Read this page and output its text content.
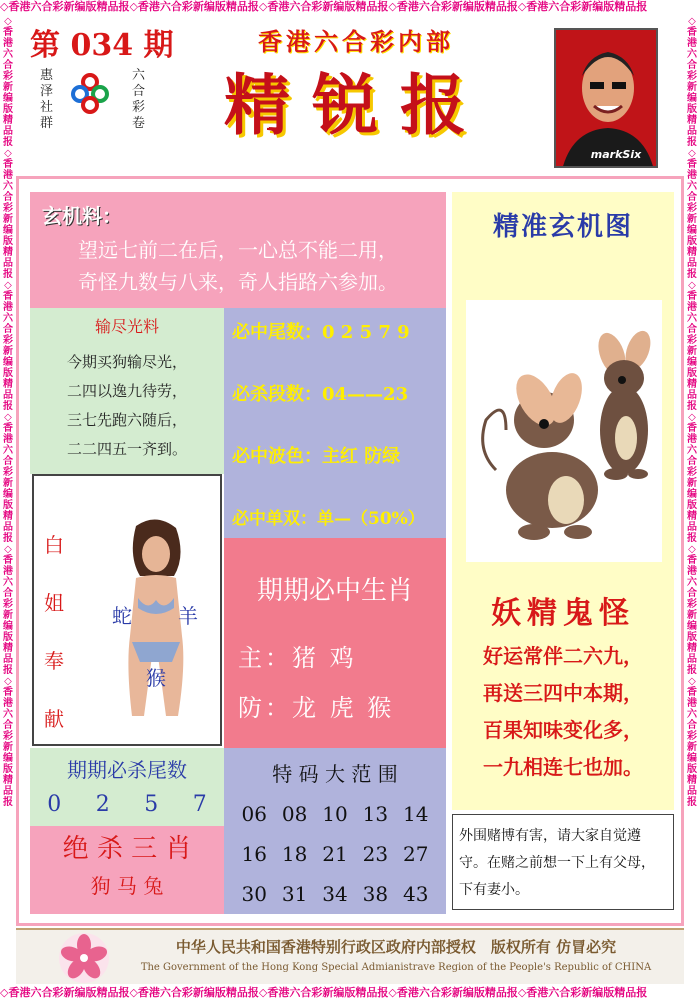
◇香港六合彩新编版精品报◇香港六合彩新编版精品报◇香港六合彩新编版精品报◇香港六合彩新编版精品报◇香港六合彩新编版精品报
◇香港六合彩新编版精品报◇香港六合彩新编版精品报◇香港六合彩新编版精品报◇香港六合彩新编版精品报◇香港六合彩新编版精品报
◇香港六合彩新编版精品报◇香港六合彩新编版精品报◇香港六合彩新编版精品报◇香港六合彩新编版精品报◇香港六合彩新编版精品报◇香港六合彩新编版精品报
◇香港六合彩新编版精品报◇香港六合彩新编版精品报◇香港六合彩新编版精品报◇香港六合彩新编版精品报◇香港六合彩新编版精品报◇香港六合彩新编版精品报
第 034 期
惠泽社群
六合彩卷
香港六合彩内部
精锐报
markSix
玄机料：
望远七前二在后，一心总不能二用，
奇怪九数与八来，奇人指路六参加。
输尽光料
今期买狗输尽光，
二四以逸九待劳，
三七先跑六随后，
二二四五一齐到。
必中尾数：0 2 5 7 9
必杀段数：04——23
必中波色：主红 防绿
必中单双：单—（50%）
白
姐
奉
献
蛇 羊
猴
期期必中生肖
主：猪 鸡
防：龙 虎 猴
期期必杀尾数
0 2 5 7
绝 杀 三 肖
狗 马 兔
特 码 大 范 围
06 08 10 13 14
16 18 21 23 27
30 31 34 38 43
精准玄机图
妖精鬼怪
好运常伴二六九，
再送三四中本期，
百果知味变化多，
一九相连七也加。
外围赌博有害，请大家自觉遵守。在赌之前想一下上有父母，下有妻小。
中华人民共和国香港特别行政区政府内部授权　版权所有 仿冒必究
The Government of the Hong Kong Special Admianistrave Region of the People's Republic of CHINA
